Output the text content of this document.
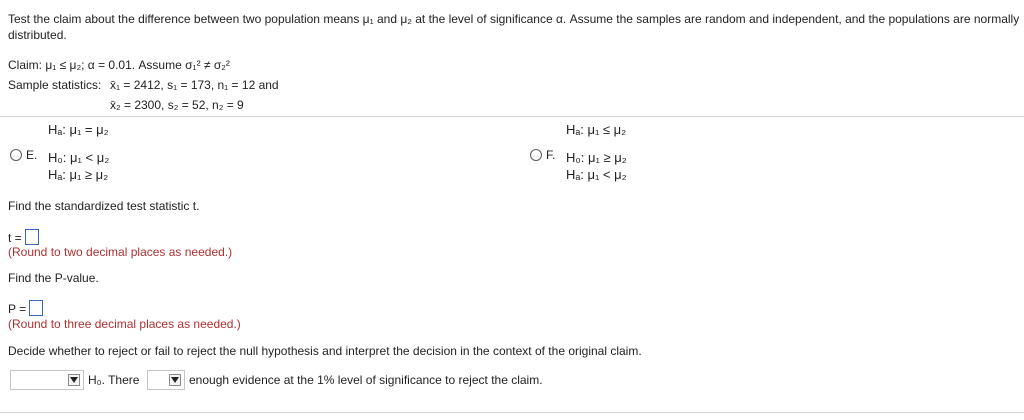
Test the claim about the difference between two population means μ₁ and μ₂ at the level of significance α. Assume the samples are random and independent, and the populations are normally
distributed.
Claim: μ₁ ≤ μ₂; α = 0.01. Assume σ₁² ≠ σ₂²
Sample statistics: x̄₁ = 2412, s₁ = 173, n₁ = 12 and
x̄₂ = 2300, s₂ = 52, n₂ = 9
Hₐ: μ₁ = μ₂	Hₐ: μ₁ ≤ μ₂
E. H₀: μ₁ < μ₂
Hₐ: μ₁ ≥ μ₂
F. H₀: μ₁ ≥ μ₂
Hₐ: μ₁ < μ₂
Find the standardized test statistic t.
t =
(Round to two decimal places as needed.)
Find the P-value.
P =
(Round to three decimal places as needed.)
Decide whether to reject or fail to reject the null hypothesis and interpret the decision in the context of the original claim.
H₀. There	enough evidence at the 1% level of significance to reject the claim.
